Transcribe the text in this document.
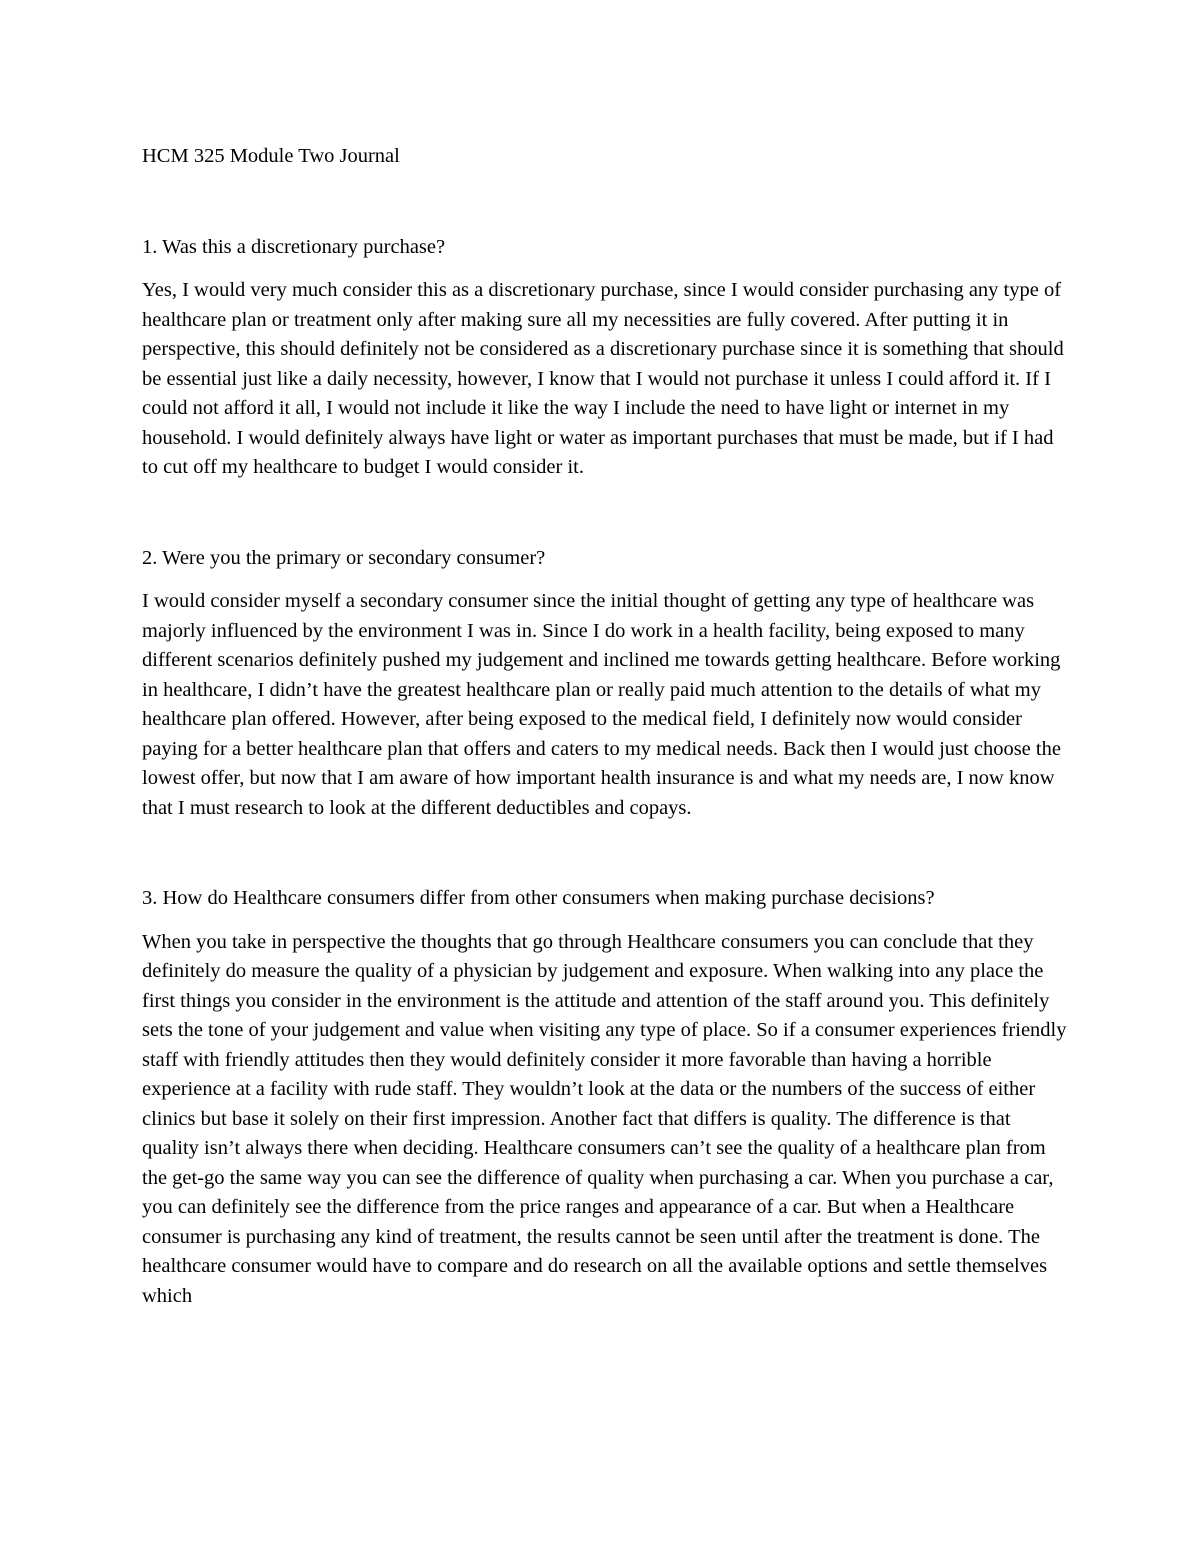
HCM 325 Module Two Journal

1. Was this a discretionary purchase?

Yes, I would very much consider this as a discretionary purchase, since I would consider purchasing any type of healthcare plan or treatment only after making sure all my necessities are fully covered. After putting it in perspective, this should definitely not be considered as a discretionary purchase since it is something that should be essential just like a daily necessity, however, I know that I would not purchase it unless I could afford it. If I could not afford it all, I would not include it like the way I include the need to have light or internet in my household. I would definitely always have light or water as important purchases that must be made, but if I had to cut off my healthcare to budget I would consider it.

2. Were you the primary or secondary consumer?

I would consider myself a secondary consumer since the initial thought of getting any type of healthcare was majorly influenced by the environment I was in. Since I do work in a health facility, being exposed to many different scenarios definitely pushed my judgement and inclined me towards getting healthcare. Before working in healthcare, I didn’t have the greatest healthcare plan or really paid much attention to the details of what my healthcare plan offered. However, after being exposed to the medical field, I definitely now would consider paying for a better healthcare plan that offers and caters to my medical needs. Back then I would just choose the lowest offer, but now that I am aware of how important health insurance is and what my needs are, I now know that I must research to look at the different deductibles and copays.

3. How do Healthcare consumers differ from other consumers when making purchase decisions?

When you take in perspective the thoughts that go through Healthcare consumers you can conclude that they definitely do measure the quality of a physician by judgement and exposure. When walking into any place the first things you consider in the environment is the attitude and attention of the staff around you. This definitely sets the tone of your judgement and value when visiting any type of place. So if a consumer experiences friendly staff with friendly attitudes then they would definitely consider it more favorable than having a horrible experience at a facility with rude staff. They wouldn’t look at the data or the numbers of the success of either clinics but base it solely on their first impression. Another fact that differs is quality. The difference is that quality isn’t always there when deciding. Healthcare consumers can’t see the quality of a healthcare plan from the get-go the same way you can see the difference of quality when purchasing a car. When you purchase a car, you can definitely see the difference from the price ranges and appearance of a car. But when a Healthcare consumer is purchasing any kind of treatment, the results cannot be seen until after the treatment is done. The healthcare consumer would have to compare and do research on all the available options and settle themselves which
